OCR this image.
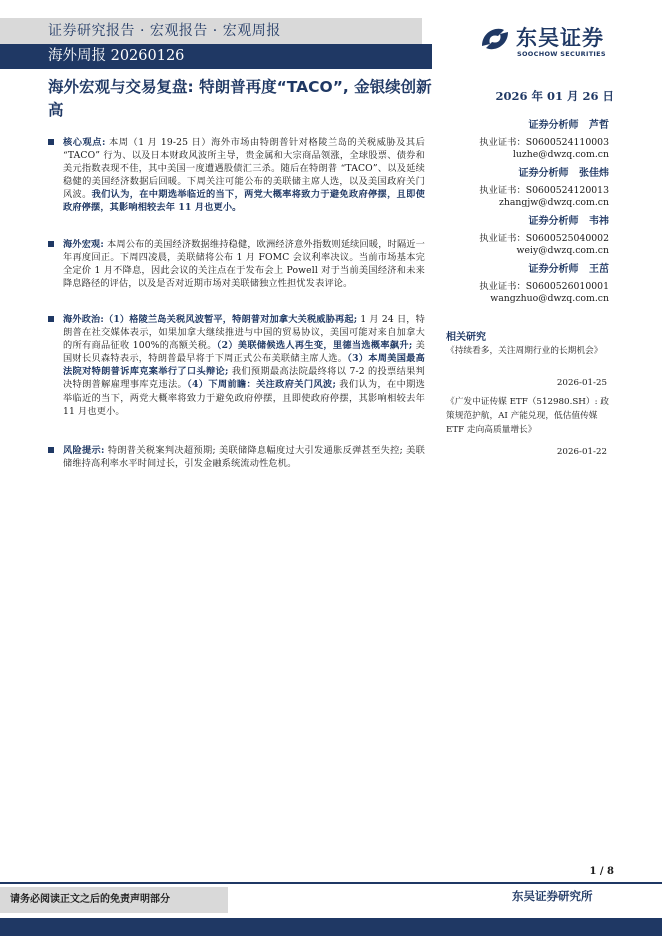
证券研究报告 · 宏观报告 · 宏观周报
海外周报 20260126
东吴证券
SOOCHOW SECURITIES
海外宏观与交易复盘: 特朗普再度“TACO”, 金银续创新高
2026 年 01 月 26 日
核心观点: 本周（1 月 19-25 日）海外市场由特朗普针对格陵兰岛的关税威胁及其后 “TACO” 行为、以及日本财政风波所主导，贵金属和大宗商品领涨，全球股票、债券和美元指数表现不佳，其中美国一度遭遇股债汇三杀。随后在特朗普 “TACO”、以及延续稳健的美国经济数据后回暖。下周关注可能公布的美联储主席人选，以及美国政府关门风波。我们认为，在中期选举临近的当下，两党大概率将致力于避免政府停摆，且即使政府停摆，其影响相较去年 11 月也更小。
海外宏观: 本周公布的美国经济数据维持稳健，欧洲经济意外指数则延续回暖，时隔近一年再度回正。下周四凌晨，美联储将公布 1 月 FOMC 会议利率决议。当前市场基本完全定价 1 月不降息，因此会议的关注点在于发布会上 Powell 对于当前美国经济和未来降息路径的评估，以及是否对近期市场对美联储独立性担忧发表评论。
海外政治:（1）格陵兰岛关税风波暂平，特朗普对加拿大关税威胁再起; 1 月 24 日，特朗普在社交媒体表示，如果加拿大继续推进与中国的贸易协议，美国可能对来自加拿大的所有商品征收 100%的高额关税。（2）美联储候选人再生变，里德当选概率飙升; 美国财长贝森特表示，特朗普最早将于下周正式公布美联储主席人选。（3）本周美国最高法院对特朗普诉库克案举行了口头辩论; 我们预期最高法院最终将以 7-2 的投票结果判决特朗普解雇理事库克违法。（4）下周前瞻：关注政府关门风波; 我们认为，在中期选举临近的当下，两党大概率将致力于避免政府停摆，且即使政府停摆，其影响相较去年 11 月也更小。
风险提示: 特朗普关税案判决超预期; 美联储降息幅度过大引发通胀反弹甚至失控; 美联储维持高利率水平时间过长，引发金融系统流动性危机。
证券分析师 芦哲
执业证书：S0600524110003
luzhe@dwzq.com.cn
证券分析师 张佳炜
执业证书：S0600524120013
zhangjw@dwzq.com.cn
证券分析师 韦祎
执业证书：S0600525040002
weiy@dwzq.com.cn
证券分析师 王茁
执业证书：S0600526010001
wangzhuo@dwzq.com.cn
相关研究
《持续看多，关注周期行业的长期机会》
2026-01-25
《广发中证传媒 ETF（512980.SH）: 政策规范护航，AI 产能兑现，低估值传媒 ETF 走向高质量增长》
2026-01-22
1 / 8
请务必阅读正文之后的免责声明部分	东吴证券研究所
